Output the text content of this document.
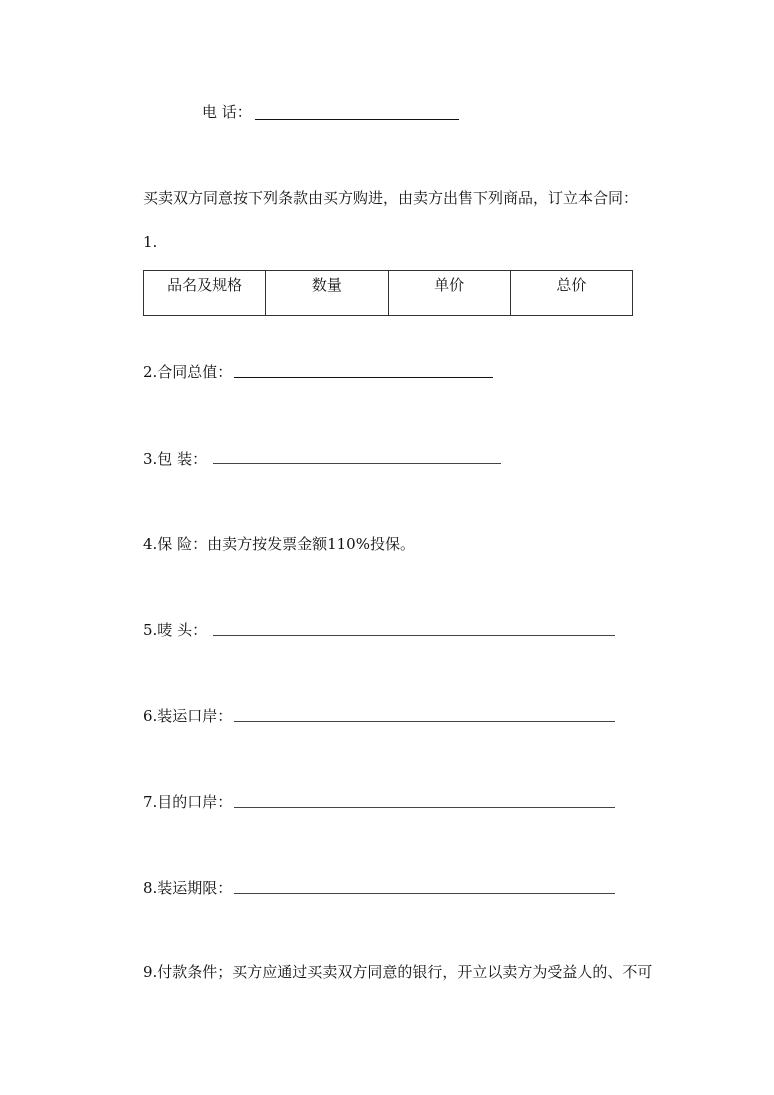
电 话：
买卖双方同意按下列条款由买方购进，由卖方出售下列商品，订立本合同：
1.
品名及规格	数量	单价	总价
2.合同总值：
3.包 装：
4.保 险：由卖方按发票金额110%投保。
5.唛 头：
6.装运口岸：
7.目的口岸：
8.装运期限：
9.付款条件；买方应通过买卖双方同意的银行，开立以卖方为受益人的、不可
